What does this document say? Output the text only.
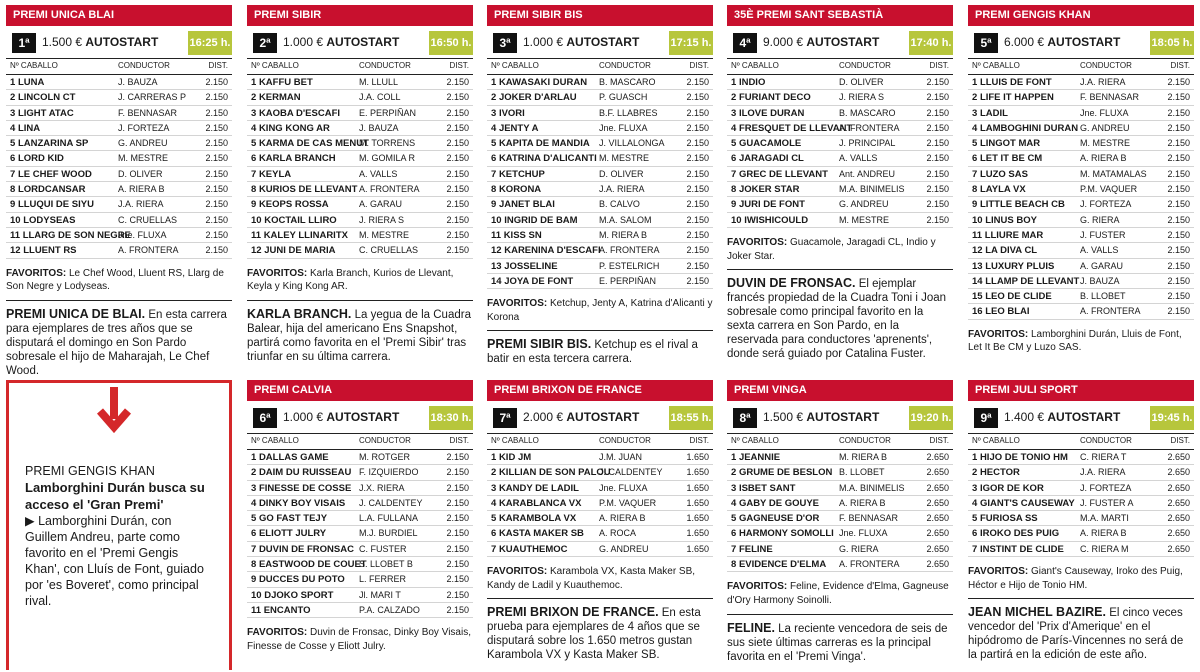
PREMI UNICA BLAI
1ª	1.500 € AUTOSTART	16:25 h.
Nº CABALLO	CONDUCTOR	DIST.
1 LUNA	J. BAUZA	2.150
2 LINCOLN CT	J. CARRERAS P	2.150
3 LIGHT ATAC	F. BENNASAR	2.150
4 LINA	J. FORTEZA	2.150
5 LANZARINA SP	G. ANDREU	2.150
6 LORD KID	M. MESTRE	2.150
7 LE CHEF WOOD	D. OLIVER	2.150
8 LORDCANSAR	A. RIERA B	2.150
9 LLUQUI DE SIYU	J.A. RIERA	2.150
10 LODYSEAS	C. CRUELLAS	2.150
11 LLARG DE SON NEGRE
Jne. FLUXA	2.150
12 LLUENT RS	A. FRONTERA	2.150
FAVORITOS: Le Chef Wood, Lluent RS, Llarg de Son Negre y Lodyseas.
PREMI UNICA DE BLAI. En esta carrera para ejemplares de tres años que se disputará el domingo en Son Pardo sobresale el hijo de Maharajah, Le Chef Wood.
PREMI SIBIR
2ª	1.000 € AUTOSTART	16:50 h.
Nº CABALLO	CONDUCTOR	DIST.
1 KAFFU BET	M. LLULL	2.150
2 KERMAN	J.A. COLL	2.150
3 KAOBA D'ESCAFI	E. PERPIÑAN	2.150
4 KING KONG AR	J. BAUZA	2.150
5 KARMA DE CAS MENUT
M. TORRENS	2.150
6 KARLA BRANCH	M. GOMILA R	2.150
7 KEYLA	A. VALLS	2.150
8 KURIOS DE LLEVANT A. FRONTERA	2.150
9 KEOPS ROSSA	A. GARAU	2.150
10 KOCTAIL LLIRO	J. RIERA S	2.150
11 KALEY LLINARITX	M. MESTRE	2.150
12 JUNI DE MARIA	C. CRUELLAS	2.150
FAVORITOS: Karla Branch, Kurios de Llevant, Keyla y King Kong AR.
KARLA BRANCH. La yegua de la Cuadra Balear, hija del americano Ens Snapshot, partirá como favorita en el 'Premi Sibir' tras triunfar en su última carrera.
PREMI SIBIR BIS
3ª	1.000 € AUTOSTART	17:15 h.
Nº CABALLO	CONDUCTOR	DIST.
1 KAWASAKI DURAN	B. MASCARO	2.150
2 JOKER D'ARLAU	P. GUASCH	2.150
3 IVORI	B.F. LLABRES	2.150
4 JENTY A	Jne. FLUXA	2.150
5 KAPITA DE MANDIA	J. VILLALONGA	2.150
6 KATRINA D'ALICANTI M. MESTRE	2.150
7 KETCHUP	D. OLIVER	2.150
8 KORONA	J.A. RIERA	2.150
9 JANET BLAI	B. CALVO	2.150
10 INGRID DE BAM	M.A. SALOM	2.150
11 KISS SN	M. RIERA B	2.150
12 KARENINA D'ESCAFI
A. FRONTERA	2.150
13 JOSSELINE	P. ESTELRICH	2.150
14 JOYA DE FONT	E. PERPIÑAN	2.150
FAVORITOS: Ketchup, Jenty A, Katrina d'Alicanti y Korona
PREMI SIBIR BIS. Ketchup es el rival a batir en esta tercera carrera.
35È PREMI SANT SEBASTIÀ
4ª	9.000 € AUTOSTART	17:40 h.
Nº CABALLO	CONDUCTOR	DIST.
1 INDIO	D. OLIVER	2.150
2 FURIANT DECO	J. RIERA S	2.150
3 ILOVE DURAN	B. MASCARO	2.150
4 FRESQUET DE LLEVANT
A. FRONTERA	2.150
5 GUACAMOLE	J. PRINCIPAL	2.150
6 JARAGADI CL	A. VALLS	2.150
7 GREC DE LLEVANT	Ant. ANDREU	2.150
8 JOKER STAR	M.A. BINIMELIS	2.150
9 JURI DE FONT	G. ANDREU	2.150
10 IWISHICOULD	M. MESTRE	2.150
FAVORITOS: Guacamole, Jaragadi CL, Indio y Joker Star.
DUVIN DE FRONSAC. El ejemplar francés propiedad de la Cuadra Toni i Joan sobresale como principal favorito en la sexta carrera en Son Pardo, en la reservada para conductores 'aprenents', donde será guiado por Catalina Fuster.
PREMI GENGIS KHAN
5ª	6.000 € AUTOSTART	18:05 h.
Nº CABALLO	CONDUCTOR	DIST.
1 LLUIS DE FONT	J.A. RIERA	2.150
2 LIFE IT HAPPEN	F. BENNASAR	2.150
3 LADIL	Jne. FLUXA	2.150
4 LAMBOGHINI DURAN G. ANDREU	2.150
5 LINGOT MAR	M. MESTRE	2.150
6 LET IT BE CM	A. RIERA B	2.150
7 LUZO SAS	M. MATAMALAS	2.150
8 LAYLA VX	P.M. VAQUER	2.150
9 LITTLE BEACH CB	J. FORTEZA	2.150
10 LINUS BOY	G. RIERA	2.150
11 LLIURE MAR	J. FUSTER	2.150
12 LA DIVA CL	A. VALLS	2.150
13 LUXURY PLUIS	A. GARAU	2.150
14 LLAMP DE LLEVANT J. BAUZA	2.150
15 LEO DE CLIDE	B. LLOBET	2.150
16 LEO BLAI	A. FRONTERA	2.150
FAVORITOS: Lamborghini Durán, Lluis de Font, Let It Be CM y Luzo SAS.
PREMI CALVIA
6ª	1.000 € AUTOSTART	18:30 h.
Nº CABALLO	CONDUCTOR	DIST.
1 DALLAS GAME	M. ROTGER	2.150
2 DAIM DU RUISSEAU F. IZQUIERDO	2.150
3 FINESSE DE COSSE J.X. RIERA	2.150
4 DINKY BOY VISAIS	J. CALDENTEY	2.150
5 GO FAST TEJY	L.A. FULLANA	2.150
6 ELIOTT JULRY	M.J. BURDIEL	2.150
7 DUVIN DE FRONSAC C. FUSTER	2.150
8 EASTWOOD DE COUET
S. LLOBET B	2.150
9 DUCCES DU POTO	L. FERRER	2.150
10 DJOKO SPORT	Jl. MARI T	2.150
11 ENCANTO	P.A. CALZADO	2.150
FAVORITOS: Duvin de Fronsac, Dinky Boy Visais, Finesse de Cosse y Eliott Julry.
PREMI BRIXON DE FRANCE
7ª	2.000 € AUTOSTART	18:55 h.
Nº CABALLO	CONDUCTOR	DIST.
1 KID JM	J.M. JUAN	1.650
2 KILLIAN DE SON PALOU
J. CALDENTEY	1.650
3 KANDY DE LADIL	Jne. FLUXA	1.650
4 KARABLANCA VX	P.M. VAQUER	1.650
5 KARAMBOLA VX	A. RIERA B	1.650
6 KASTA MAKER SB	A. ROCA	1.650
7 KUAUTHEMOC	G. ANDREU	1.650
FAVORITOS: Karambola VX, Kasta Maker SB, Kandy de Ladil y Kuauthemoc.
PREMI BRIXON DE FRANCE. En esta prueba para ejemplares de 4 años que se disputará sobre los 1.650 metros gustan Karambola VX y Kasta Maker SB.
PREMI VINGA
8ª	1.500 € AUTOSTART	19:20 h.
Nº CABALLO	CONDUCTOR	DIST.
1 JEANNIE	M. RIERA B	2.650
2 GRUME DE BESLON B. LLOBET	2.650
3 ISBET SANT	M.A. BINIMELIS	2.650
4 GABY DE GOUYE	A. RIERA B	2.650
5 GAGNEUSE D'OR	F. BENNASAR	2.650
6 HARMONY SOMOLLI Jne. FLUXA	2.650
7 FELINE	G. RIERA	2.650
8 EVIDENCE D'ELMA	A. FRONTERA	2.650
FAVORITOS: Feline, Evidence d'Elma, Gagneuse d'Ory Harmony Soinolli.
FELINE. La reciente vencedora de seis de sus siete últimas carreras es la principal favorita en el 'Premi Vinga'.
PREMI JULI SPORT
9ª	1.400 € AUTOSTART	19:45 h.
Nº CABALLO	CONDUCTOR	DIST.
1 HIJO DE TONIO HM	C. RIERA T	2.650
2 HECTOR	J.A. RIERA	2.650
3 IGOR DE KOR	J. FORTEZA	2.650
4 GIANT'S CAUSEWAY J. FUSTER A	2.650
5 FURIOSA SS	M.A. MARTI	2.650
6 IROKO DES PUIG	A. RIERA B	2.650
7 INSTINT DE CLIDE	C. RIERA M	2.650
FAVORITOS: Giant's Causeway, Iroko des Puig, Héctor e Hijo de Tonio HM.
JEAN MICHEL BAZIRE. El cinco veces vencedor del 'Prix d'Amerique' en el hipódromo de París-Vincennes no será de la partirá en la edición de este año.
PREMI GENGIS KHAN
Lamborghini Durán busca su acceso el 'Gran Premi'
▶ Lamborghini Durán, con Guillem Andreu, parte como favorito en el 'Premi Gengis Khan', con Lluís de Font, guiado por 'es Boveret', como principal rival.
